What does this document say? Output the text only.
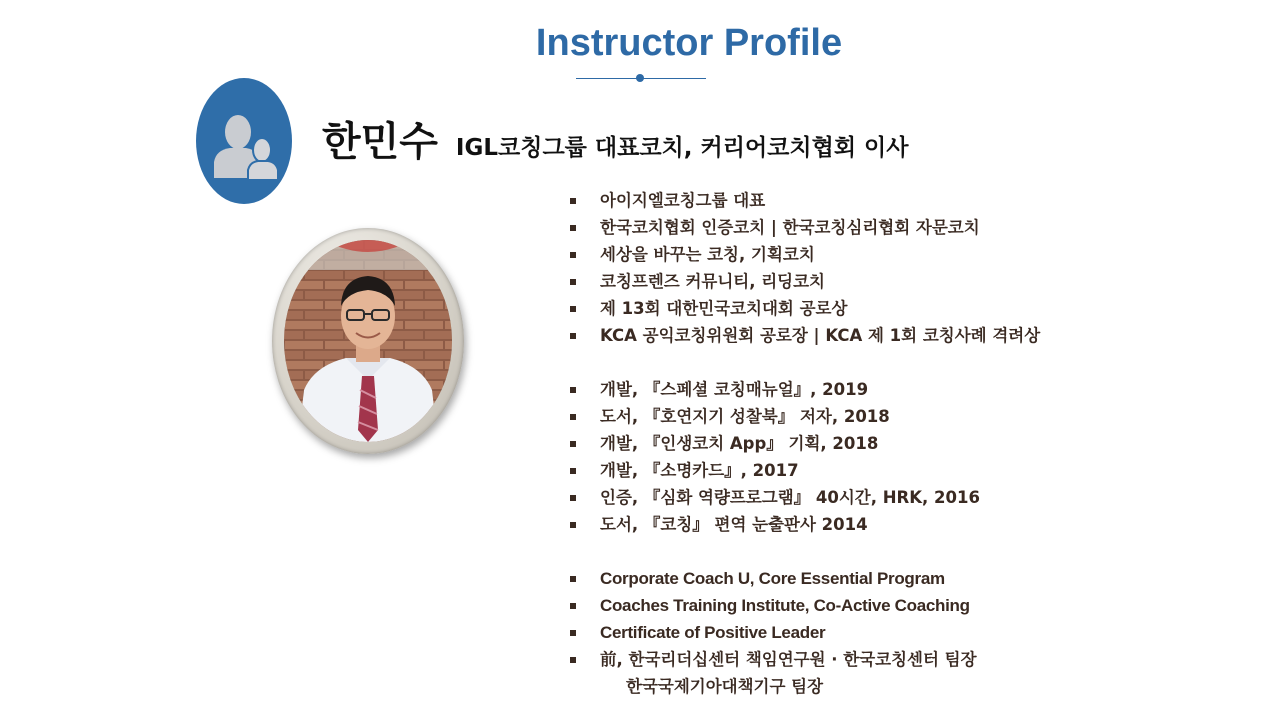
Instructor Profile
한민수 IGL코칭그룹 대표코치, 커리어코치협회 이사
아이지엘코칭그룹 대표
한국코치협회 인증코치 | 한국코칭심리협회 자문코치
세상을 바꾸는 코칭, 기획코치
코칭프렌즈 커뮤니티, 리딩코치
제 13회 대한민국코치대회 공로상
KCA 공익코칭위원회 공로장 | KCA 제 1회 코칭사례 격려상
개발, 『스페셜 코칭매뉴얼』, 2019
도서, 『호연지기 성찰북』 저자, 2018
개발, 『인생코치 App』 기획, 2018
개발, 『소명카드』, 2017
인증, 『심화 역량프로그램』 40시간, HRK, 2016
도서, 『코칭』 편역 눈출판사 2014
Corporate Coach U, Core Essential Program
Coaches Training Institute, Co-Active Coaching
Certificate of Positive Leader
前, 한국리더십센터 책임연구원 · 한국코칭센터 팀장
한국국제기아대책기구 팀장
